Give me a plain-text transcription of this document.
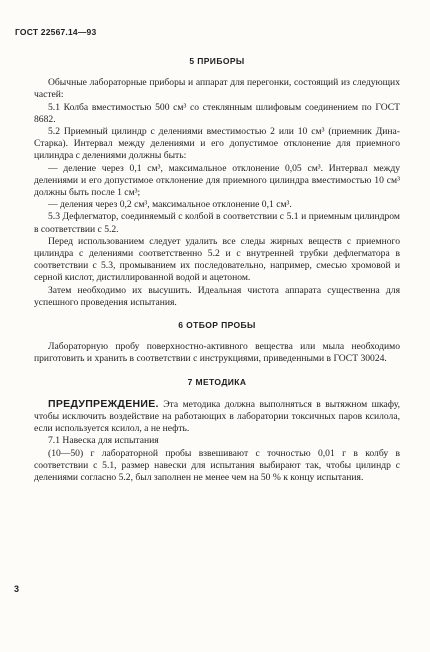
ГОСТ 22567.14—93
5 ПРИБОРЫ

Обычные лабораторные приборы и аппарат для перегонки, состоящий из следующих частей:

5.1 Колба вместимостью 500 см³ со стеклянным шлифовым соединением по ГОСТ 8682.

5.2 Приемный цилиндр с делениями вместимостью 2 или 10 см³ (приемник Дина-Старка). Интервал между делениями и его допустимое отклонение для приемного цилиндра с делениями должны быть:

— деление через 0,1 см³, максимальное отклонение 0,05 см³. Интервал между делениями и его допустимое отклонение для приемного цилиндра вместимостью 10 см³ должны быть после 1 см³;

— деления через 0,2 см³, максимальное отклонение 0,1 см³.

5.3 Дефлегматор, соединяемый с колбой в соответствии с 5.1 и приемным цилиндром в соответствии с 5.2.

Перед использованием следует удалить все следы жирных веществ с приемного цилиндра с делениями соответственно 5.2 и с внутренней трубки дефлегматора в соответствии с 5.3, промыванием их последовательно, например, смесью хромовой и серной кислот, дистиллированной водой и ацетоном.

Затем необходимо их высушить. Идеальная чистота аппарата существенна для успешного проведения испытания.

6 ОТБОР ПРОБЫ

Лабораторную пробу поверхностно-активного вещества или мыла необходимо приготовить и хранить в соответствии с инструкциями, приведенными в ГОСТ 30024.

7 МЕТОДИКА

ПРЕДУПРЕЖДЕНИЕ. Эта методика должна выполняться в вытяжном шкафу, чтобы исключить воздействие на работающих в лаборатории токсичных паров ксилола, если используется ксилол, а не нефть.

7.1 Навеска для испытания

(10—50) г лабораторной пробы взвешивают с точностью 0,01 г в колбу в соответствии с 5.1, размер навески для испытания выбирают так, чтобы цилиндр с делениями согласно 5.2, был заполнен не менее чем на 50 % к концу испытания.

3
